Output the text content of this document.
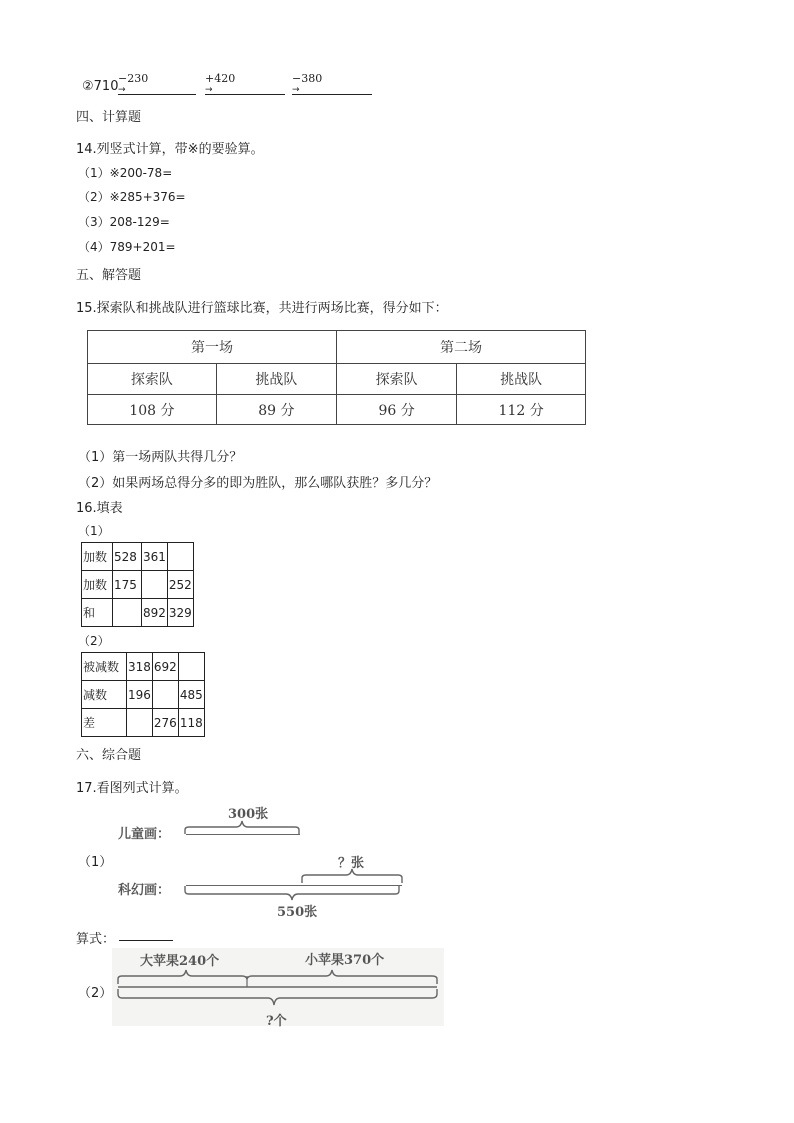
②710
−230
→
+420
→
−380
→
四、计算题
14.列竖式计算，带※的要验算。
（1）※200-78=
（2）※285+376=
（3）208-129=
（4）789+201=
五、解答题
15.探索队和挑战队进行篮球比赛，共进行两场比赛，得分如下：
第一场		第二场	
探索队	挑战队	探索队	挑战队
108 分	89 分	96 分	112 分
（1）第一场两队共得几分？
（2）如果两场总得分多的即为胜队，那么哪队获胜？多几分？
16.填表
（1）
加数	528	361	
加数	175		252
和		892	329
（2）
被减数	318	692	
减数	196		485
差		276	118
六、综合题
17.看图列式计算。
300张
儿童画：
（1）	？张
科幻画：
550张
算式：
大苹果240个	小苹果370个
（2）
?个
